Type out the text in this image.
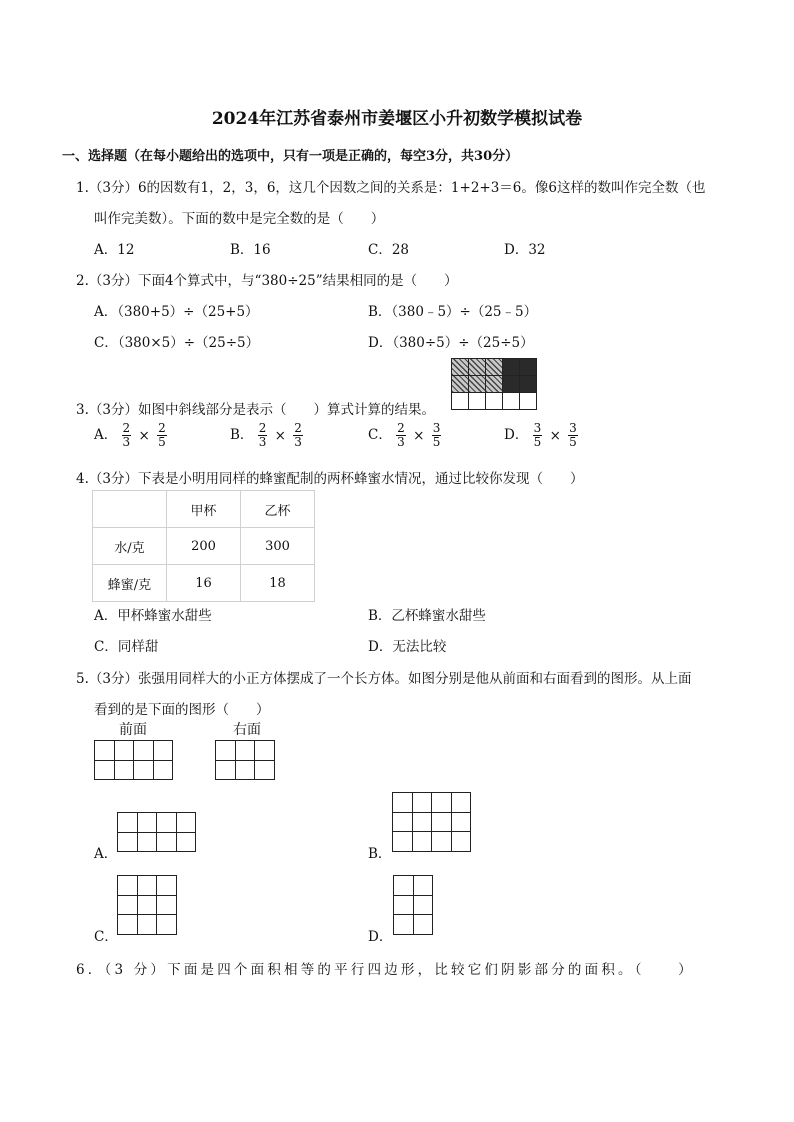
2024年江苏省泰州市姜堰区小升初数学模拟试卷
一、选择题（在每小题给出的选项中，只有一项是正确的，每空3分，共30分）
1.（3分）6的因数有1，2，3，6，这几个因数之间的关系是：1+2+3＝6。像6这样的数叫作完全数（也
叫作完美数）。下面的数中是完全数的是（　　）
A．12	B．16	C．28	D．32
2.（3分）下面4个算式中，与“380÷25”结果相同的是（　　）
A．（380+5）÷（25+5）	B．（380﹣5）÷（25﹣5）
C．（380×5）÷（25÷5）	D．（380÷5）÷（25÷5）
3.（3分）如图中斜线部分是表示（　　）算式计算的结果。
A． $\frac{2}{3} \times \frac{2}{5}$	B． $\frac{2}{3} \times \frac{2}{3}$	C． $\frac{2}{3} \times \frac{3}{5}$	D． $\frac{3}{5} \times \frac{3}{5}$
4.（3分）下表是小明用同样的蜂蜜配制的两杯蜂蜜水情况，通过比较你发现（　　）
	甲杯	乙杯
水/克	200	300
蜂蜜/克	16	18
A．甲杯蜂蜜水甜些	B．乙杯蜂蜜水甜些
C．同样甜	D．无法比较
5.（3分）张强用同样大的小正方体摆成了一个长方体。如图分别是他从前面和右面看到的图形。从上面
看到的是下面的图形（　　）
前面	右面
A．	B．
C．	D．
6．（3 分）下面是四个面积相等的平行四边形，比较它们阴影部分的面积。（　　）
